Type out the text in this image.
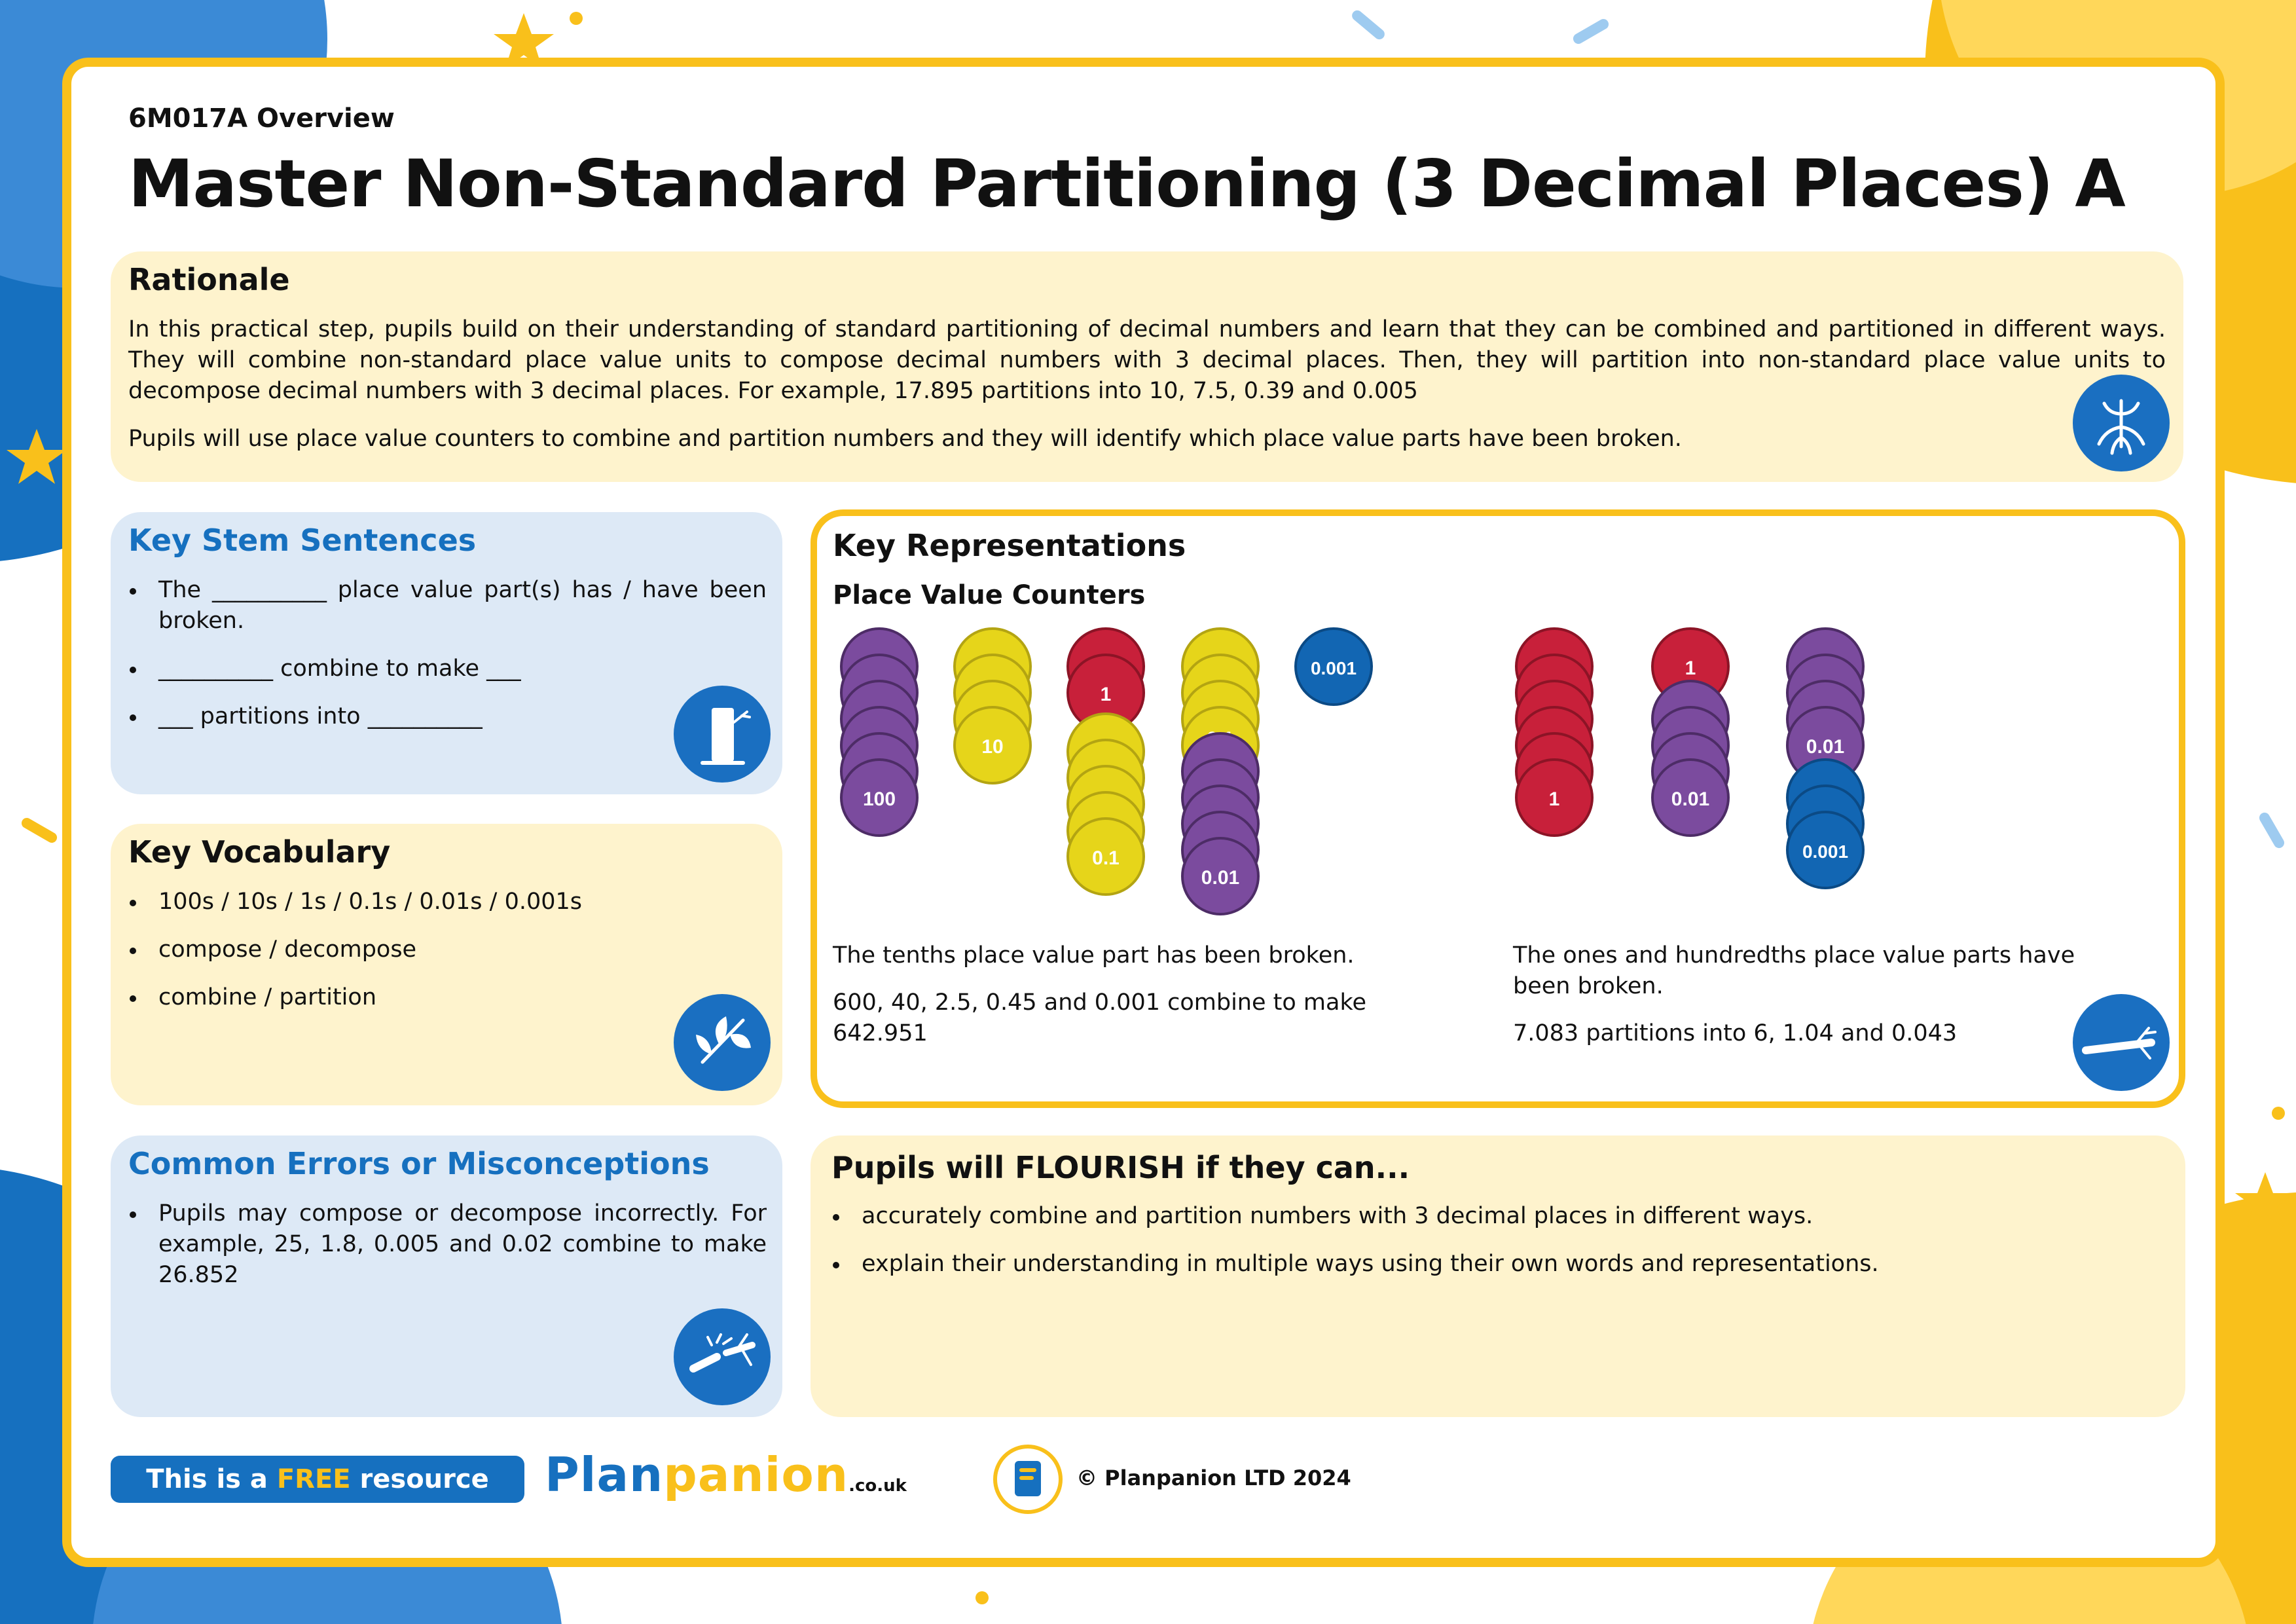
6M017A Overview
Master Non-Standard Partitioning (3 Decimal Places) A
Rationale
In this practical step, pupils build on their understanding of standard partitioning of decimal numbers and learn that they can be combined and partitioned in different ways. They will combine non-standard place value units to compose decimal numbers with 3 decimal places. Then, they will partition into non-standard place value units to decompose decimal numbers with 3 decimal places. For example, 17.895 partitions into 10, 7.5, 0.39 and 0.005
Pupils will use place value counters to combine and partition numbers and they will identify which place value parts have been broken.
Key Stem Sentences
The __________ place value part(s) has / have been broken.
__________ combine to make ___
___ partitions into __________
Key Vocabulary
100s / 10s / 1s / 0.1s / 0.01s / 0.001s
compose / decompose
combine / partition
Common Errors or Misconceptions
Pupils may compose or decompose incorrectly. For example, 25, 1.8, 0.005 and 0.02 combine to make 26.852
Key Representations
Place Value Counters
100
10
1
0.1
0.01
0.001
1
1
0.01
0.01
0.001
The tenths place value part has been broken.
600, 40, 2.5, 0.45 and 0.001 combine to make 642.951
The ones and hundredths place value parts have been broken.
7.083 partitions into 6, 1.04 and 0.043
Pupils will FLOURISH if they can...
accurately combine and partition numbers with 3 decimal places in different ways.
explain their understanding in multiple ways using their own words and representations.
This is a FREE resource from
Planpanion.co.uk	© Planpanion LTD 2024
